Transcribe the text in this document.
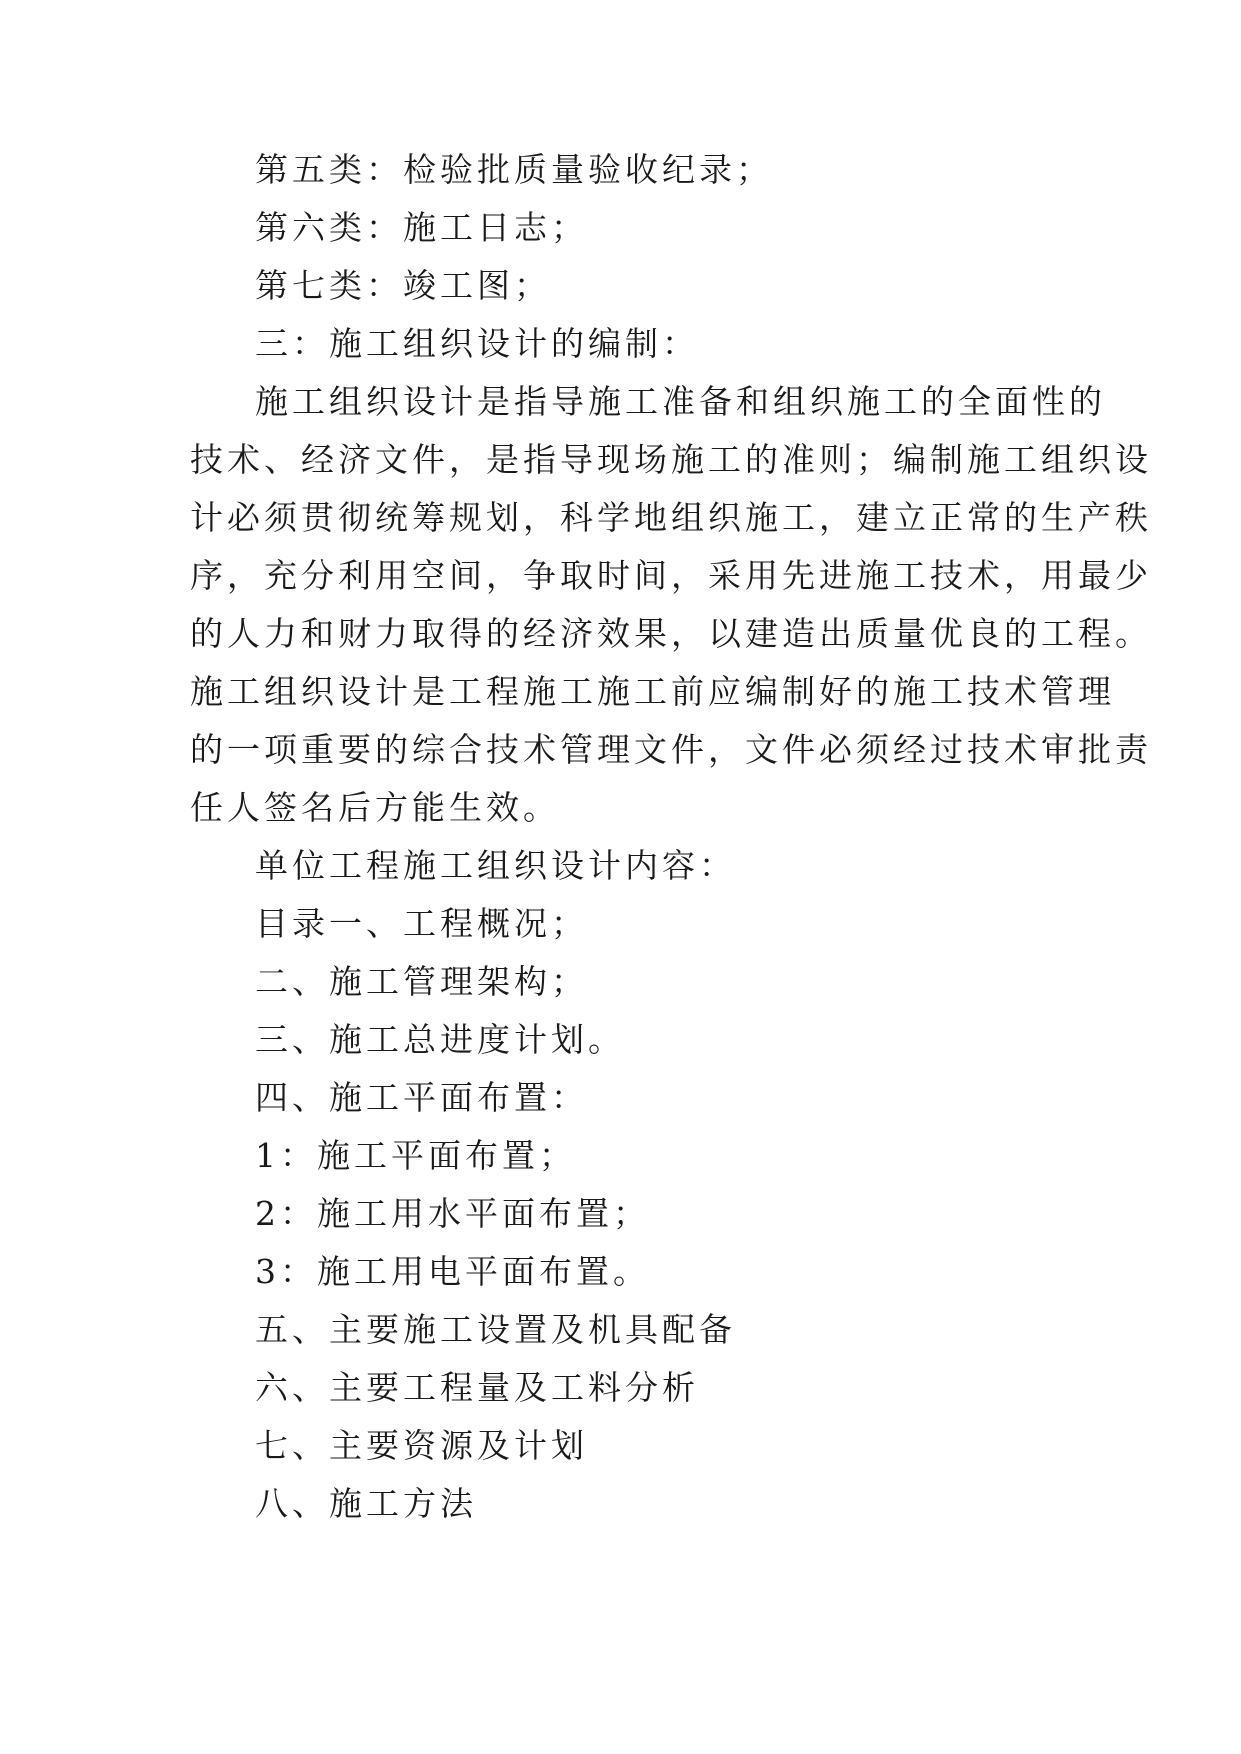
第五类：检验批质量验收纪录；
第六类：施工日志；
第七类：竣工图；
三：施工组织设计的编制：
施工组织设计是指导施工准备和组织施工的全面性的
技术、经济文件，是指导现场施工的准则；编制施工组织设
计必须贯彻统筹规划，科学地组织施工，建立正常的生产秩
序，充分利用空间，争取时间，采用先进施工技术，用最少
的人力和财力取得的经济效果，以建造出质量优良的工程。
施工组织设计是工程施工施工前应编制好的施工技术管理
的一项重要的综合技术管理文件，文件必须经过技术审批责
任人签名后方能生效。
单位工程施工组织设计内容：
目录一、工程概况；
二、施工管理架构；
三、施工总进度计划。
四、施工平面布置：
1：施工平面布置；
2：施工用水平面布置；
3：施工用电平面布置。
五、主要施工设置及机具配备
六、主要工程量及工料分析
七、主要资源及计划
八、施工方法
